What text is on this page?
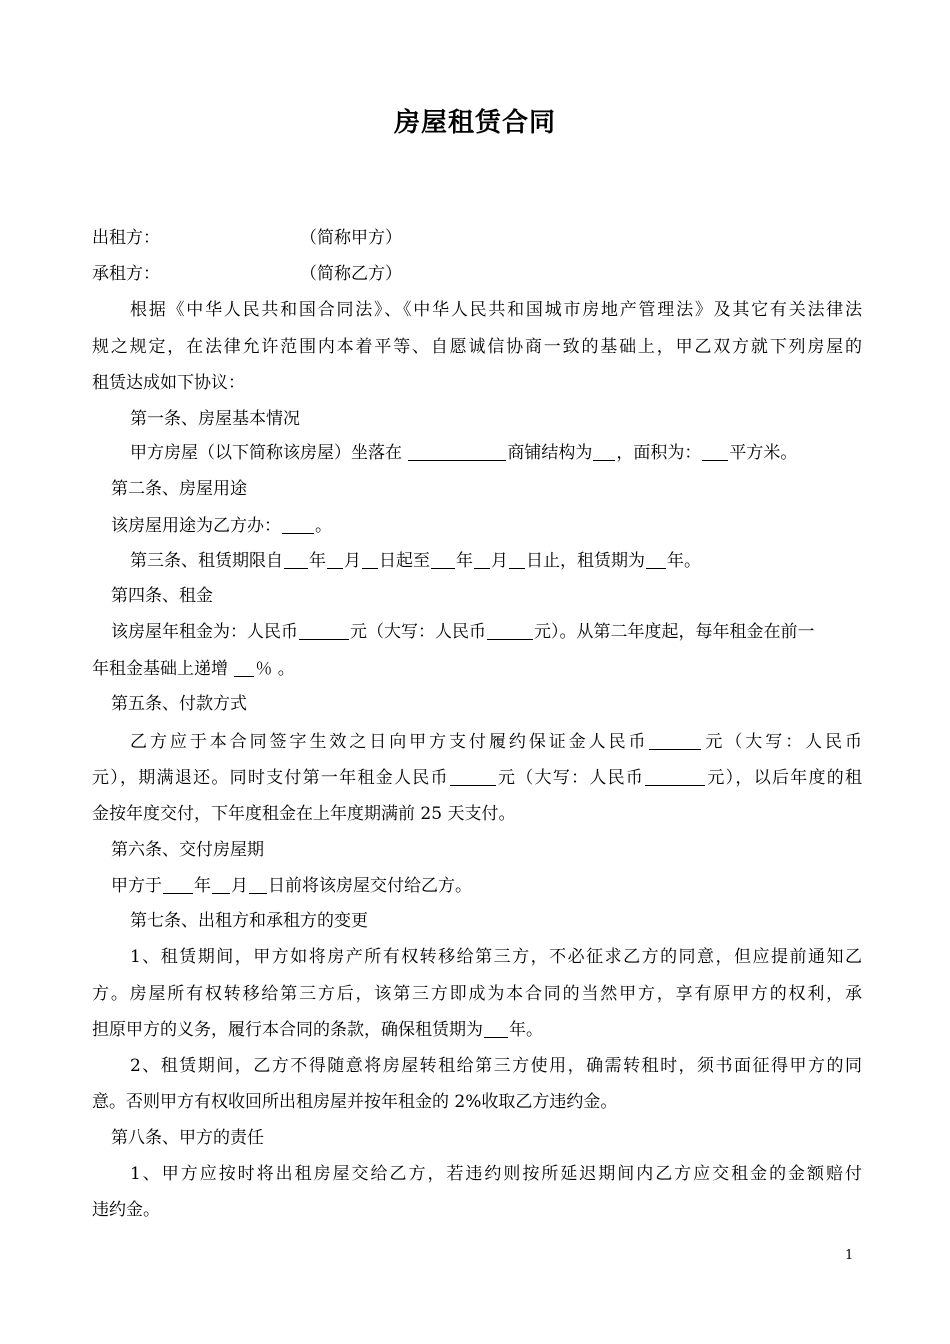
房屋租赁合同
出租方：	（简称甲方）
承租方：	（简称乙方）
根据《中华人民共和国合同法》、《中华人民共和国城市房地产管理法》及其它有关法律法
规之规定，在法律允许范围内本着平等、自愿诚信协商一致的基础上，甲乙双方就下列房屋的
租赁达成如下协议：
第一条、房屋基本情况
甲方房屋（以下简称该房屋）坐落在	商铺结构为 ，面积为： 平方米。
第二条、房屋用途
该房屋用途为乙方办： 。
第三条、租赁期限自 年 月 日起至 年 月 日止，租赁期为 年。
第四条、租金
该房屋年租金为：人民币	元（大写：人民币	元）。从第二年度起，每年租金在前一
年租金基础上递增 ％ 。
第五条、付款方式
乙方应于本合同签字生效之日向甲方支付履约保证金人民币	元（大写：人民币
元），期满退还。同时支付第一年租金人民币	元（大写：人民币	元），以后年度的租
金按年度交付，下年度租金在上年度期满前 25 天支付。
第六条、交付房屋期
甲方于 年 月 日前将该房屋交付给乙方。
第七条、出租方和承租方的变更
1、租赁期间，甲方如将房产所有权转移给第三方，不必征求乙方的同意，但应提前通知乙
方。房屋所有权转移给第三方后，该第三方即成为本合同的当然甲方，享有原甲方的权利，承
担原甲方的义务，履行本合同的条款，确保租赁期为 年。
2、租赁期间，乙方不得随意将房屋转租给第三方使用，确需转租时，须书面征得甲方的同
意。否则甲方有权收回所出租房屋并按年租金的 2%收取乙方违约金。
第八条、甲方的责任
1、甲方应按时将出租房屋交给乙方，若违约则按所延迟期间内乙方应交租金的金额赔付
违约金。
1
